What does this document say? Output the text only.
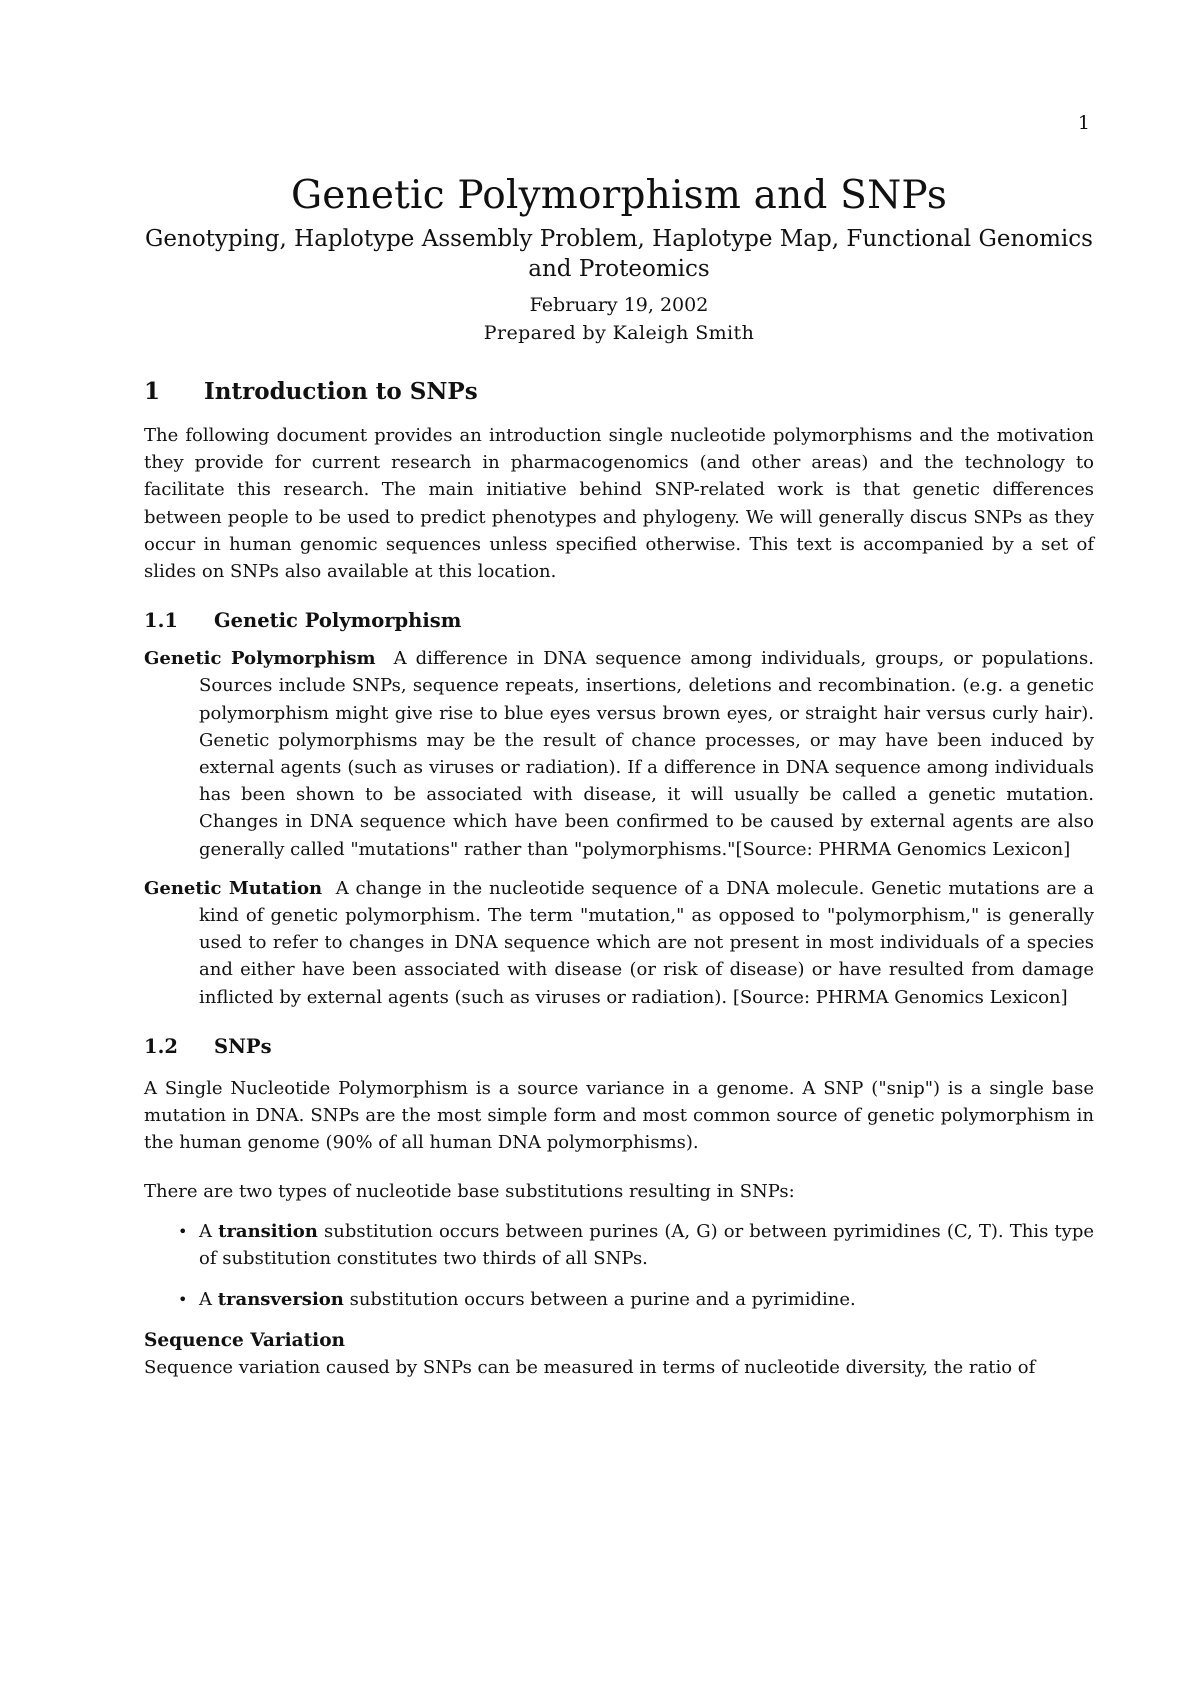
1
Genetic Polymorphism and SNPs
Genotyping, Haplotype Assembly Problem, Haplotype Map, Functional Genomics and Proteomics
February 19, 2002
Prepared by Kaleigh Smith
1 Introduction to SNPs

The following document provides an introduction single nucleotide polymorphisms and the motivation they provide for current research in pharmacogenomics (and other areas) and the technology to facilitate this research. The main initiative behind SNP-related work is that genetic differences between people to be used to predict phenotypes and phylogeny. We will generally discus SNPs as they occur in human genomic sequences unless specified otherwise. This text is accompanied by a set of slides on SNPs also available at this location.

1.1 Genetic Polymorphism
Genetic Polymorphism A difference in DNA sequence among individuals, groups, or populations. Sources include SNPs, sequence repeats, insertions, deletions and recombination. (e.g. a genetic polymorphism might give rise to blue eyes versus brown eyes, or straight hair versus curly hair). Genetic polymorphisms may be the result of chance processes, or may have been induced by external agents (such as viruses or radiation). If a difference in DNA sequence among individuals has been shown to be associated with disease, it will usually be called a genetic mutation. Changes in DNA sequence which have been confirmed to be caused by external agents are also generally called "mutations" rather than "polymorphisms."[Source: PHRMA Genomics Lexicon]
Genetic Mutation A change in the nucleotide sequence of a DNA molecule. Genetic mutations are a kind of genetic polymorphism. The term "mutation," as opposed to "polymorphism," is generally used to refer to changes in DNA sequence which are not present in most individuals of a species and either have been associated with disease (or risk of disease) or have resulted from damage inflicted by external agents (such as viruses or radiation). [Source: PHRMA Genomics Lexicon]
1.2 SNPs

A Single Nucleotide Polymorphism is a source variance in a genome. A SNP ("snip") is a single base mutation in DNA. SNPs are the most simple form and most common source of genetic polymorphism in the human genome (90% of all human DNA polymorphisms).

There are two types of nucleotide base substitutions resulting in SNPs:

• A transition substitution occurs between purines (A, G) or between pyrimidines (C, T). This type of substitution constitutes two thirds of all SNPs.
• A transversion substitution occurs between a purine and a pyrimidine.
Sequence Variation

Sequence variation caused by SNPs can be measured in terms of nucleotide diversity, the ratio of
